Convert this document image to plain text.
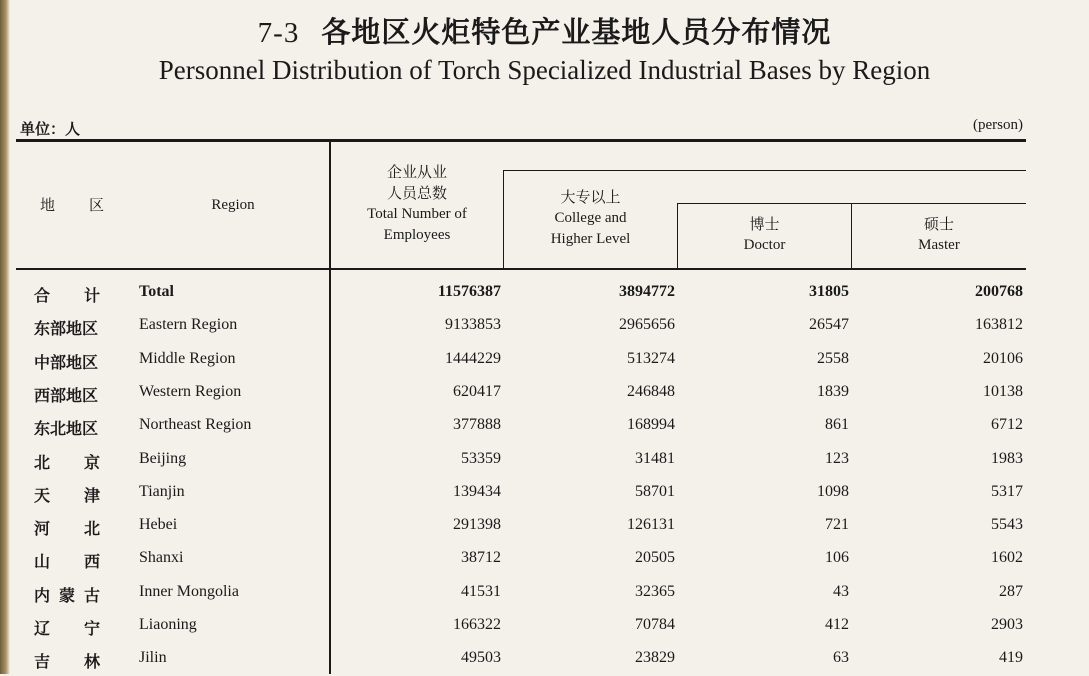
7-3 各地区火炬特色产业基地人员分布情况
Personnel Distribution of Torch Specialized Industrial Bases by Region
单位：人	(person)
地 区	Region
企业从业
人员总数
Total Number of
Employees
大专以上
College and
Higher Level
博士
Doctor
硕士
Master
合 计 Total	11576387	3894772	31805	200768
东部地区	Eastern Region	9133853	2965656	26547	163812
中部地区	Middle Region	1444229	513274	2558	20106
西部地区	Western Region	620417	246848	1839	10138
东北地区	Northeast Region	377888	168994	861	6712
北 京 Beijing	53359	31481	123	1983
天 津 Tianjin	139434	58701	1098	5317
河 北 Hebei	291398	126131	721	5543
山 西 Shanxi	38712	20505	106	1602
内 蒙 古 Inner Mongolia	41531	32365	43	287
辽 宁 Liaoning	166322	70784	412	2903
吉 林 Jilin	49503	23829	63	419
